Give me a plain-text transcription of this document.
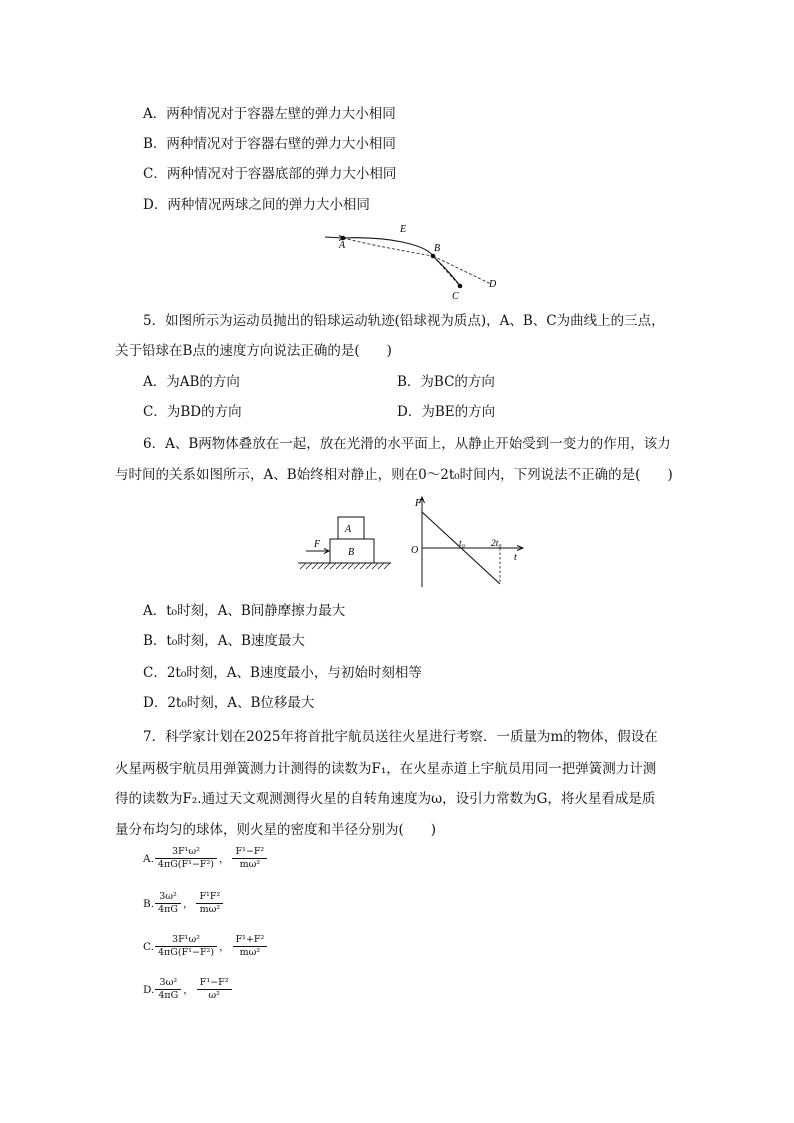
A．两种情况对于容器左壁的弹力大小相同
B．两种情况对于容器右壁的弹力大小相同
C．两种情况对于容器底部的弹力大小相同
D．两种情况两球之间的弹力大小相同
A
E
B
C
D
5．如图所示为运动员抛出的铅球运动轨迹(铅球视为质点)，A、B、C为曲线上的三点，
关于铅球在B点的速度方向说法正确的是(　　)
A．为AB的方向	B．为BC的方向
C．为BD的方向	D．为BE的方向
6．A、B两物体叠放在一起，放在光滑的水平面上，从静止开始受到一变力的作用，该力
与时间的关系如图所示，A、B始终相对静止，则在0～2t₀时间内，下列说法不正确的是(　　)
A
B
F
F
O
t₀	2t₀
t
A．t₀时刻，A、B间静摩擦力最大
B．t₀时刻，A、B速度最大
C．2t₀时刻，A、B速度最小，与初始时刻相等
D．2t₀时刻，A、B位移最大
7．科学家计划在2025年将首批宇航员送往火星进行考察．一质量为m的物体，假设在
火星两极宇航员用弹簧测力计测得的读数为F₁，在火星赤道上宇航员用同一把弹簧测力计测
得的读数为F₂.通过天文观测测得火星的自转角速度为ω，设引力常数为G，将火星看成是质
量分布均匀的球体，则火星的密度和半径分别为(　　)
A. $\frac{\text{3F¹ω²}}{\text{4πG(F¹−F²)}}$ ， $\frac{\text{F¹−F²}}{\text{mω²}}$
B. $\frac{\text{3ω²}}{4\pi G}$ ， $\frac{\text{F¹F²}}{\text{mω²}}$
C. $\frac{\text{3F¹ω²}}{\text{4πG(F¹−F²)}}$ ， $\frac{\text{F¹+F²}}{\text{mω²}}$
D. $\frac{\text{3ω²}}{4\pi G}$ ， $\frac{\text{F¹−F²}}{\text{ω²}}$
